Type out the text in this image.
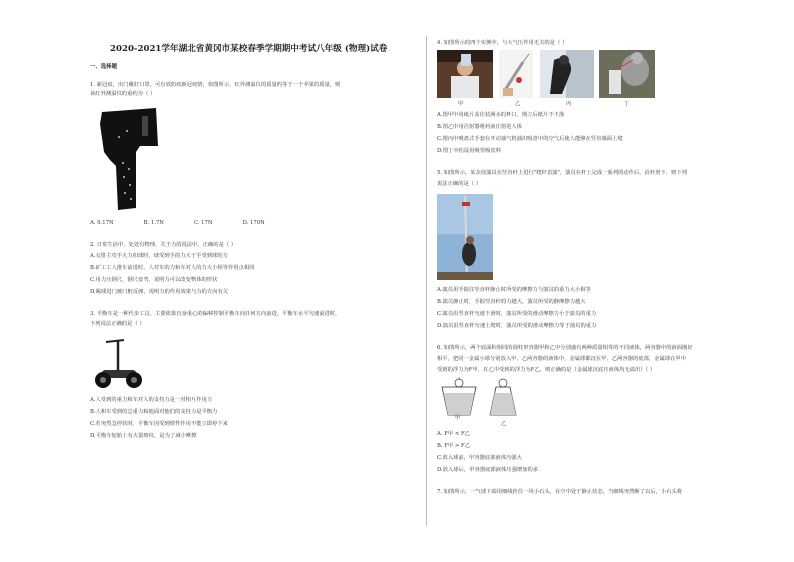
2020-2021学年湖北省黄冈市某校春季学期期中考试八年级 (物理)试卷
一、选择题
1. 新冠疫，出门戴好口罩，可有效防疫新冠疫情，如图所示，红外测温仪的质量约等于一个苹果的质量，则
该红外测温仪的重约为（ ）
A. 0.17N	B. 1.7N	C. 17N	D. 170N
2. 日常生活中，处处有物理，关于力的说法中，正确的是（ ）
A.女排主攻手大力扣球时，球受到手的力大于手受到球的力
B.矿工工人推车前进时，人对车的力和车对人的力大小相等作用点相同
C.用力压钢尺，钢尺变弯，说明力可以改变物体的形状
D.踢球进门被门框反弹，说明力的作用效果与力的方向有关
3. 平衡车是一种代步工具，主要依靠自身重心的偏移控制平衡车向任何方向前进，平衡车水平匀速前进时，
下列说法正确的是（ ）
A.人受到的重力和车对人的支持力是一对相互作用力
B.人和车受到的总重力和地面对他们的支持力是平衡力
C.若突然急停状时，平衡车因受到惯性作用不能立即停下来
D.平衡车轮胎上有大量斑纹，是为了减小摩擦
4. 如图所示的四个实例中，与大气压作用无关的是（ ）
甲	乙	丙	丁
A.图甲中用纸片盖住装满水的杯口，倒立后纸片不下落
B.图乙中用注射器将药液注射进人体
C.图丙中吸盘式手套在开动抽气机抽出吸盘中的空气后使人能够在竖直墙面上爬
D.图丁中松鼠用吸管吸饮料
5. 如图所示，某杂技演员在竖直杆上进行"爬杆表演"，演员在杆上完成一系列的动作后，沿杆滑下，则下列
说法正确的是（ ）
A.演员用手握住竖直杆静止时所受的摩擦力与演员的重力大小相等
B.演员静止时，手握竖直杆的力越大，演员所受的静摩擦力越大
C.演员沿竖直杆匀速下滑时，演员所受的滑动摩擦力小于演员的重力
D.演员沿竖直杆匀速上爬时，演员所受的滑动摩擦力等于演员的重力
6. 如图所示，两个底面积相同的圆柱形容器甲和乙中分别盛有两种质量相等的不同液体，两容器中的液面刚好
相平，把同一金属小球分别放入甲、乙两容器的液体中，金属球都沉在甲、乙两容器的底部，金属球在甲中
受到的浮力为F甲，在乙中受到的浮力为F乙，则正确的是（金属球沉底且液体均无溢出）（ ）
甲
乙
A. F甲 < F乙
B. F甲 > F乙
C.放入球前，甲容器底部液体压强大
D.放入球后，甲容器底部液体压强增加的多
7. 如图所示，一气球下端用细线拴住一块小石头，在空中处于静止状态，当细线突然断了以后，小石头将
